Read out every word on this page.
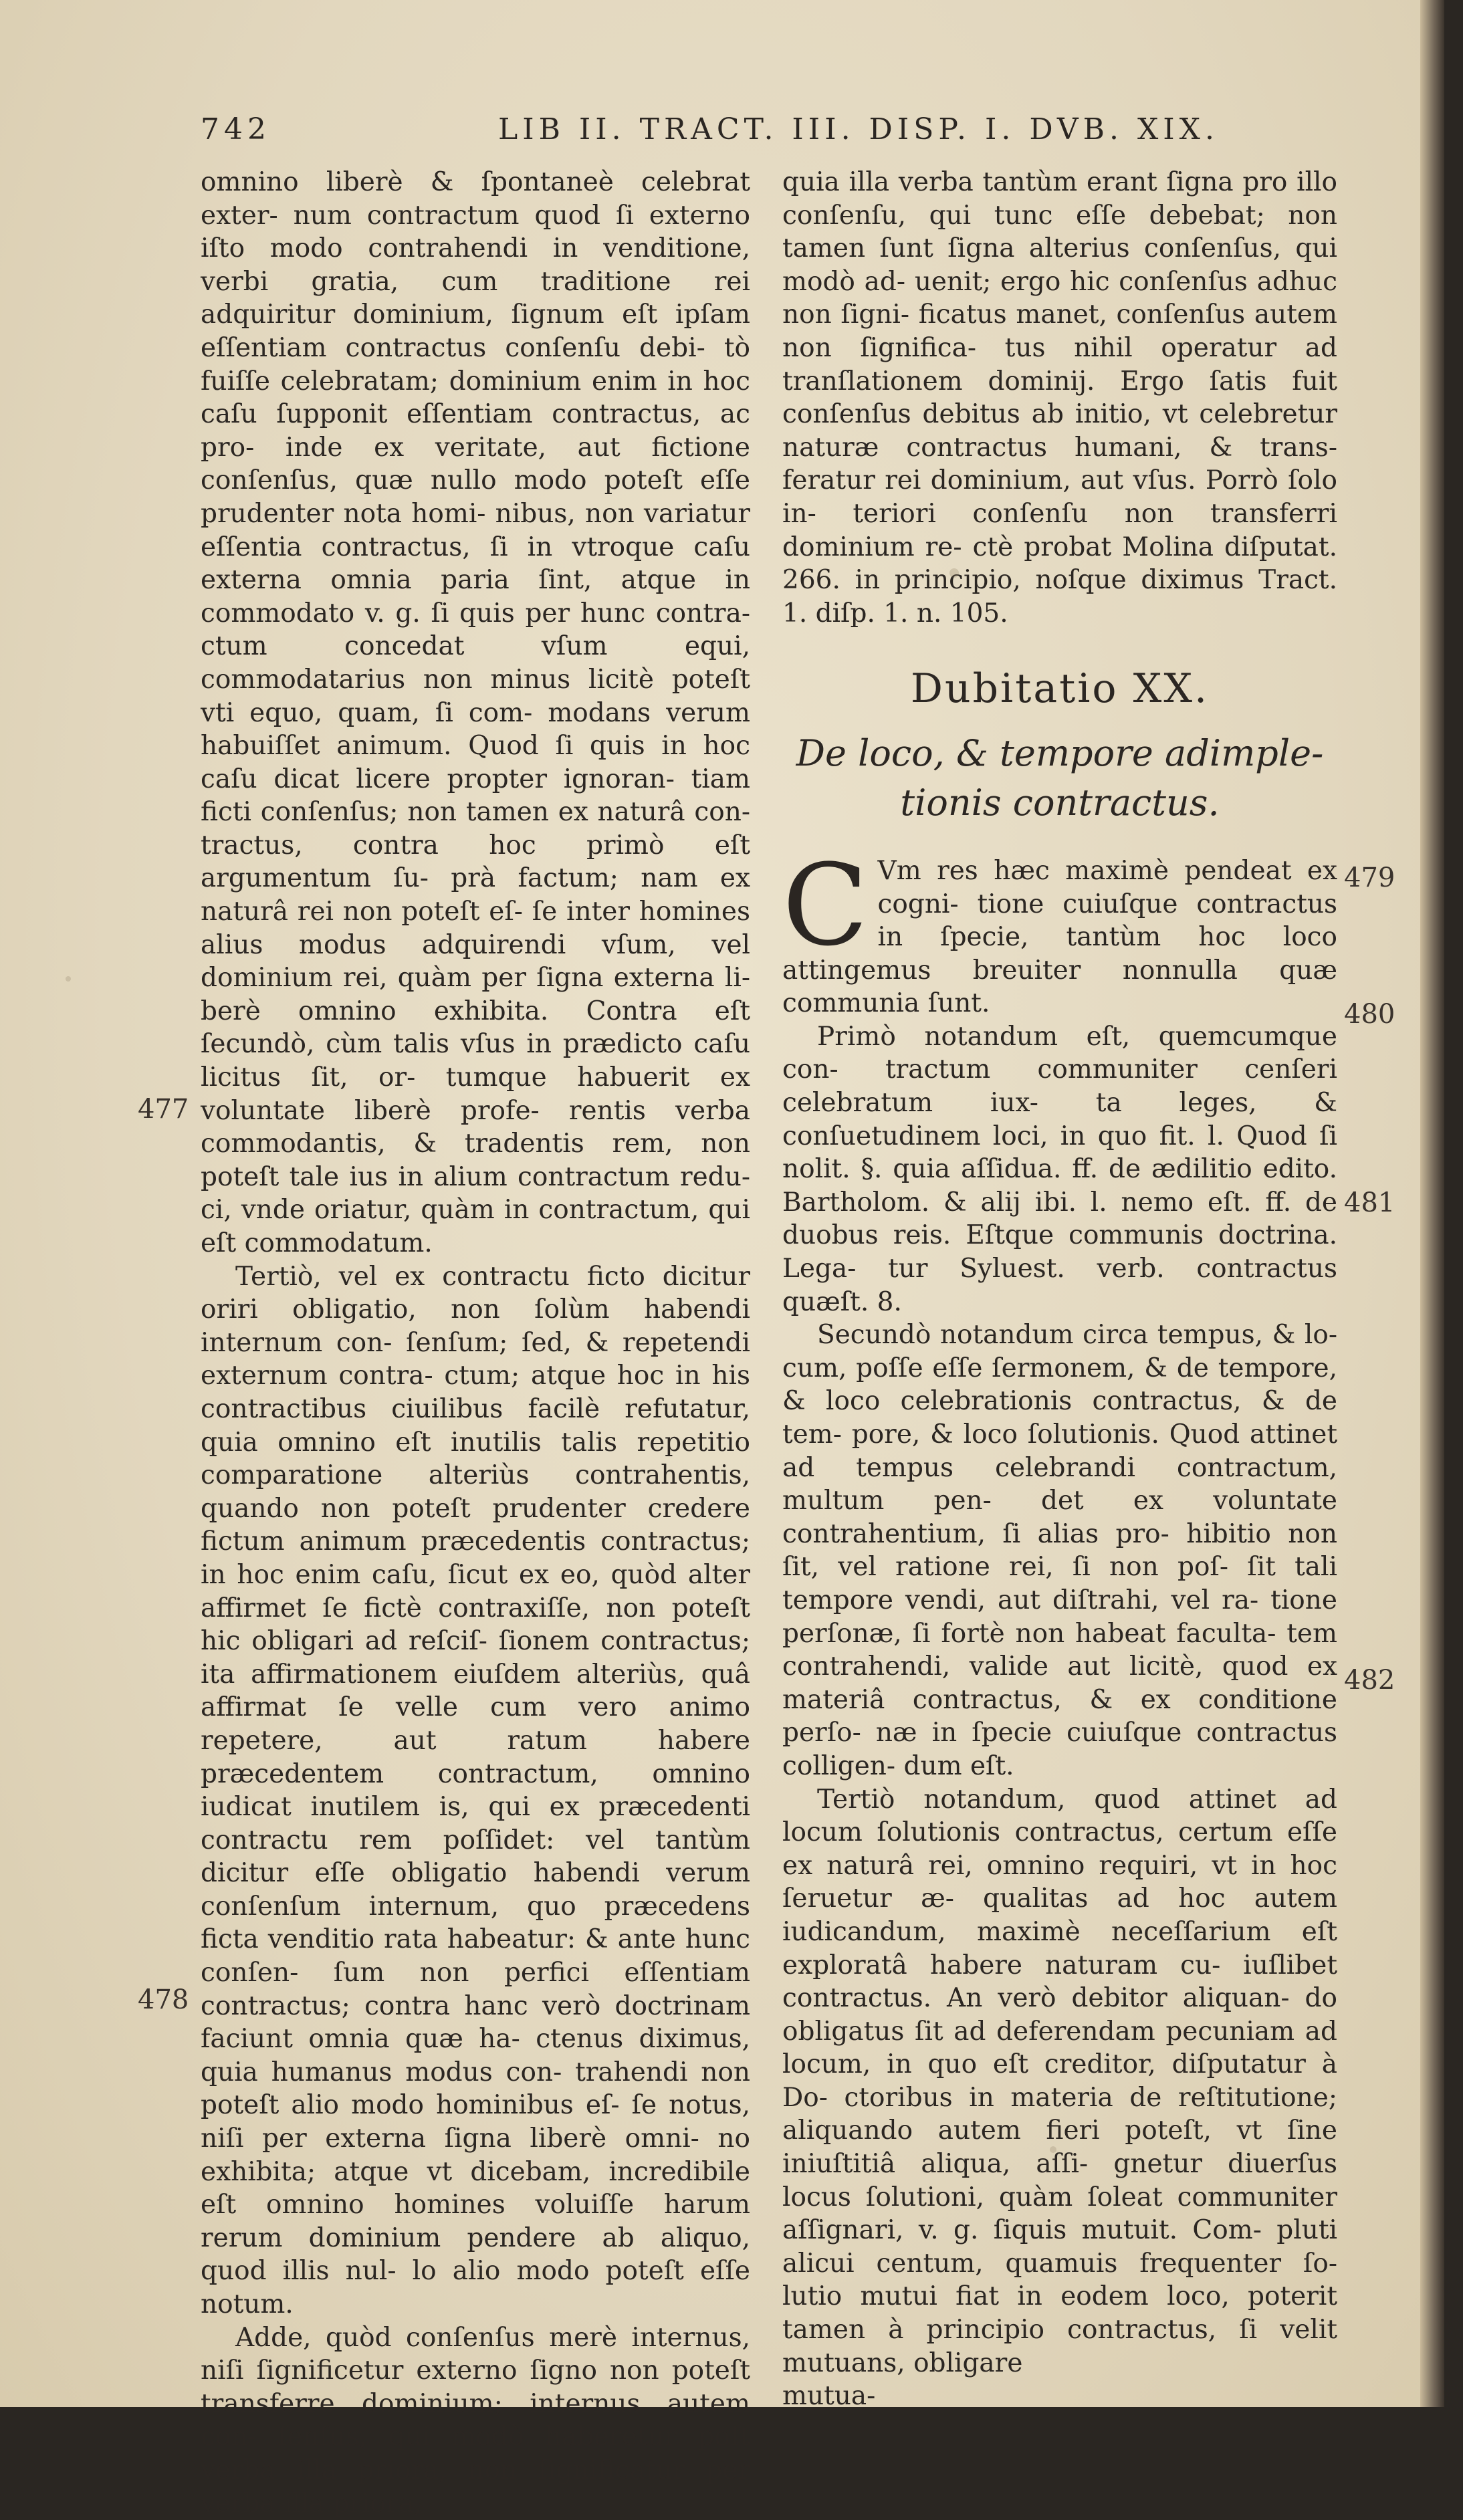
742	LIB II. TRACT. III. DISP. I. DVB. XIX.

omnino liberè & ſpontaneè celebrat exter- num contractum quod ſi externo iſto modo contrahendi in venditione, verbi gratia, cum traditione rei adquiritur dominium, ſignum eſt ipſam eſſentiam contractus conſenſu debi- tò fuiſſe celebratam; dominium enim in hoc caſu ſupponit eſſentiam contractus, ac pro- inde ex veritate, aut fictione conſenſus, quæ nullo modo poteſt eſſe prudenter nota homi- nibus, non variatur eſſentia contractus, ſi in vtroque caſu externa omnia paria ſint, atque in commodato v. g. ſi quis per hunc contra- ctum concedat vſum equi, commodatarius non minus licitè poteſt vti equo, quam, ſi com- modans verum habuiſſet animum. Quod ſi quis in hoc caſu dicat licere propter ignoran- tiam ficti conſenſus; non tamen ex naturâ con- tractus, contra hoc primò eſt argumentum ſu- prà factum; nam ex naturâ rei non poteſt eſ- ſe inter homines alius modus adquirendi vſum, vel dominium rei, quàm per ſigna externa li- berè omnino exhibita. Contra eſt ſecundò, cùm talis vſus in prædicto caſu licitus ſit, or- tumque habuerit ex voluntate liberè profe- rentis verba commodantis, & tradentis rem, non poteſt tale ius in alium contractum redu- ci, vnde oriatur, quàm in contractum, qui eſt commodatum.

Tertiò, vel ex contractu ficto dicitur oriri obligatio, non ſolùm habendi internum con- ſenſum; ſed, & repetendi externum contra- ctum; atque hoc in his contractibus ciuilibus facilè refutatur, quia omnino eſt inutilis talis repetitio comparatione alteriùs contrahentis, quando non poteſt prudenter credere fictum animum præcedentis contractus; in hoc enim caſu, ſicut ex eo, quòd alter affirmet ſe fictè contraxiſſe, non poteſt hic obligari ad reſciſ- ſionem contractus; ita affirmationem eiuſdem alteriùs, quâ affirmat ſe velle cum vero animo repetere, aut ratum habere præcedentem contractum, omnino iudicat inutilem is, qui ex præcedenti contractu rem poſſidet: vel tantùm dicitur eſſe obligatio habendi verum conſenſum internum, quo præcedens ficta venditio rata habeatur: & ante hunc conſen- ſum non perfici eſſentiam contractus; contra hanc verò doctrinam faciunt omnia quæ ha- ctenus diximus, quia humanus modus con- trahendi non poteſt alio modo hominibus eſ- ſe notus, niſi per externa ſigna liberè omni- no exhibita; atque vt dicebam, incredibile eſt omnino homines voluiſſe harum rerum dominium pendere ab aliquo, quod illis nul- lo alio modo poteſt eſſe notum.

Adde, quòd conſenſus merè internus, niſi ſignificetur externo ſigno non poteſt transferre dominium; internus autem con- ſenſus, qui modò haberetur poſt verba illa priora, non ſignificatur per verba illa priora,

477
478

quia illa verba tantùm erant ſigna pro illo conſenſu, qui tunc eſſe debebat; non tamen ſunt ſigna alterius conſenſus, qui modò ad- uenit; ergo hic conſenſus adhuc non ſigni- ficatus manet, conſenſus autem non ſignifica- tus nihil operatur ad tranſlationem dominij. Ergo ſatis fuit conſenſus debitus ab initio, vt celebretur naturæ contractus humani, & trans- feratur rei dominium, aut vſus. Porrò ſolo in- teriori conſenſu non transferri dominium re- ctè probat Molina diſputat. 266. in principio, noſque diximus Tract. 1. diſp. 1. n. 105.

Dubitatio XX.
De loco, & tempore adimple- tionis contractus.

C Vm res hæc maximè pendeat ex cogni- tione cuiuſque contractus in ſpecie, tantùm hoc loco attingemus breuiter nonnulla quæ communia ſunt.

Primò notandum eſt, quemcumque con- tractum communiter cenſeri celebratum iux- ta leges, & conſuetudinem loci, in quo fit. l. Quod ſi nolit. §. quia aſſidua. ff. de ædilitio edito. Bartholom. & alij ibi. l. nemo eſt. ff. de duobus reis. Eſtque communis doctrina. Lega- tur Syluest. verb. contractus quæſt. 8.

Secundò notandum circa tempus, & lo- cum, poſſe eſſe ſermonem, & de tempore, & loco celebrationis contractus, & de tem- pore, & loco ſolutionis. Quod attinet ad tempus celebrandi contractum, multum pen- det ex voluntate contrahentium, ſi alias pro- hibitio non ſit, vel ratione rei, ſi non poſ- ſit tali tempore vendi, aut diſtrahi, vel ra- tione perſonæ, ſi fortè non habeat faculta- tem contrahendi, valide aut licitè, quod ex materiâ contractus, & ex conditione perſo- næ in ſpecie cuiuſque contractus colligen- dum eſt.

Tertiò notandum, quod attinet ad locum ſolutionis contractus, certum eſſe ex naturâ rei, omnino requiri, vt in hoc ſeruetur æ- qualitas ad hoc autem iudicandum, maximè neceſſarium eſt exploratâ habere naturam cu- iuſlibet contractus. An verò debitor aliquan- do obligatus ſit ad deferendam pecuniam ad locum, in quo eſt creditor, diſputatur à Do- ctoribus in materia de reſtitutione; aliquando autem fieri poteſt, vt ſine iniuſtitiâ aliqua, aſſi- gnetur diuerſus locus ſolutioni, quàm ſoleat communiter aſſignari, v. g. ſiquis mutuit. Com- pluti alicui centum, quamuis frequenter ſo- lutio mutui fiat in eodem loco, poterit tamen à principio contractus, ſi velit mutuans, obligare

mutua-

479
480
481
482
